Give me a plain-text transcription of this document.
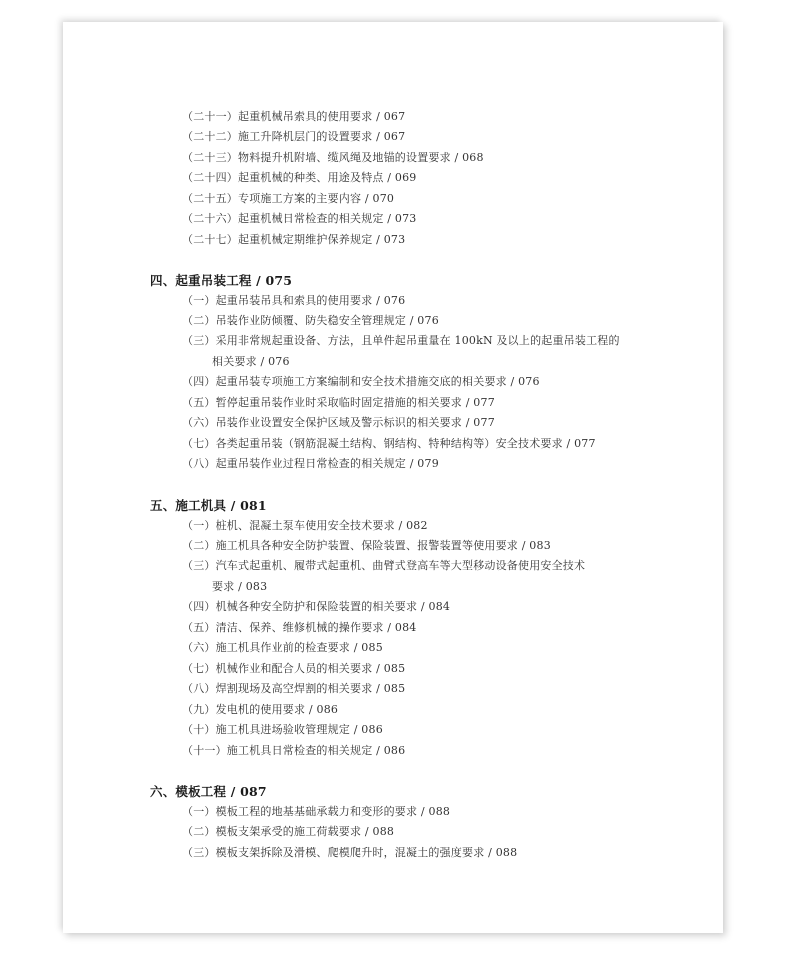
（二十一）起重机械吊索具的使用要求 / 067
（二十二）施工升降机层门的设置要求 / 067
（二十三）物料提升机附墙、缆风绳及地锚的设置要求 / 068
（二十四）起重机械的种类、用途及特点 / 069
（二十五）专项施工方案的主要内容 / 070
（二十六）起重机械日常检查的相关规定 / 073
（二十七）起重机械定期维护保养规定 / 073
四、起重吊装工程 / 075
（一）起重吊装吊具和索具的使用要求 / 076
（二）吊装作业防倾覆、防失稳安全管理规定 / 076
（三）采用非常规起重设备、方法，且单件起吊重量在 100kN 及以上的起重吊装工程的
相关要求 / 076
（四）起重吊装专项施工方案编制和安全技术措施交底的相关要求 / 076
（五）暂停起重吊装作业时采取临时固定措施的相关要求 / 077
（六）吊装作业设置安全保护区域及警示标识的相关要求 / 077
（七）各类起重吊装（钢筋混凝土结构、钢结构、特种结构等）安全技术要求 / 077
（八）起重吊装作业过程日常检查的相关规定 / 079
五、施工机具 / 081
（一）桩机、混凝土泵车使用安全技术要求 / 082
（二）施工机具各种安全防护装置、保险装置、报警装置等使用要求 / 083
（三）汽车式起重机、履带式起重机、曲臂式登高车等大型移动设备使用安全技术
要求 / 083
（四）机械各种安全防护和保险装置的相关要求 / 084
（五）清洁、保养、维修机械的操作要求 / 084
（六）施工机具作业前的检查要求 / 085
（七）机械作业和配合人员的相关要求 / 085
（八）焊割现场及高空焊割的相关要求 / 085
（九）发电机的使用要求 / 086
（十）施工机具进场验收管理规定 / 086
（十一）施工机具日常检查的相关规定 / 086
六、模板工程 / 087
（一）模板工程的地基基础承载力和变形的要求 / 088
（二）模板支架承受的施工荷载要求 / 088
（三）模板支架拆除及滑模、爬模爬升时，混凝土的强度要求 / 088
